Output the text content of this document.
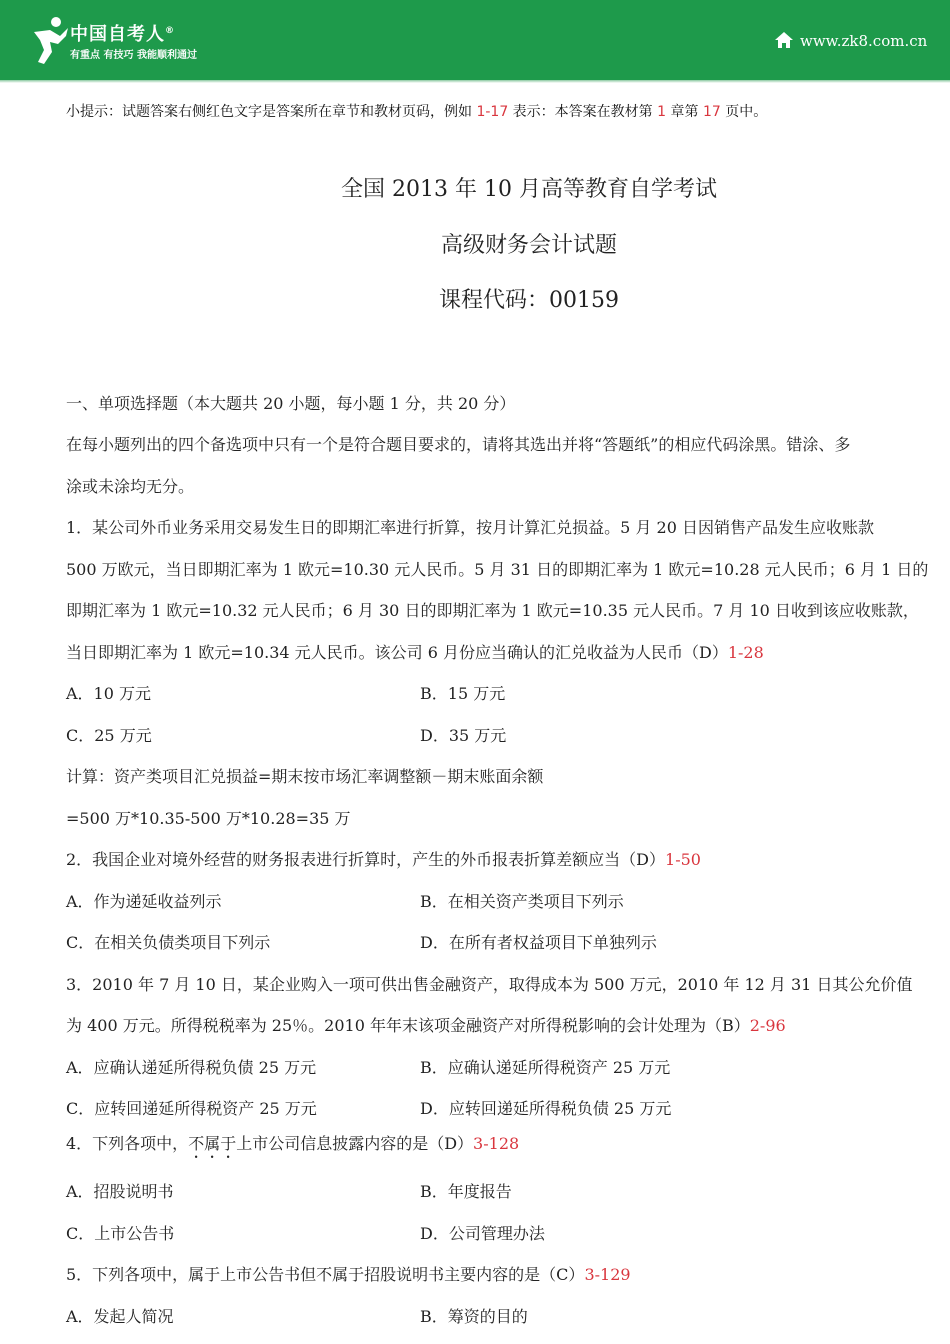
中国自考人®
有重点 有技巧 我能顺利通过
www.zk8.com.cn
小提示：试题答案右侧红色文字是答案所在章节和教材页码，例如 1-17 表示：本答案在教材第 1 章第 17 页中。
全国 2013 年 10 月高等教育自学考试
高级财务会计试题
课程代码：00159
一、单项选择题（本大题共 20 小题，每小题 1 分，共 20 分）
在每小题列出的四个备选项中只有一个是符合题目要求的，请将其选出并将“答题纸”的相应代码涂黑。错涂、多
涂或未涂均无分。
1．某公司外币业务采用交易发生日的即期汇率进行折算，按月计算汇兑损益。5 月 20 日因销售产品发生应收账款
500 万欧元，当日即期汇率为 1 欧元=10.30 元人民币。5 月 31 日的即期汇率为 1 欧元=10.28 元人民币；6 月 1 日的
即期汇率为 1 欧元=10.32 元人民币；6 月 30 日的即期汇率为 1 欧元=10.35 元人民币。7 月 10 日收到该应收账款，
当日即期汇率为 1 欧元=10.34 元人民币。该公司 6 月份应当确认的汇兑收益为人民币（D）1-28
A．10 万元	B．15 万元
C．25 万元	D．35 万元
计算：资产类项目汇兑损益=期末按市场汇率调整额－期末账面余额
=500 万*10.35-500 万*10.28=35 万
2．我国企业对境外经营的财务报表进行折算时，产生的外币报表折算差额应当（D）1-50
A．作为递延收益列示	B．在相关资产类项目下列示
C．在相关负债类项目下列示	D．在所有者权益项目下单独列示
3．2010 年 7 月 10 日，某企业购入一项可供出售金融资产，取得成本为 500 万元，2010 年 12 月 31 日其公允价值
为 400 万元。所得税税率为 25％。2010 年年末该项金融资产对所得税影响的会计处理为（B）2-96
A．应确认递延所得税负债 25 万元	B．应确认递延所得税资产 25 万元
C．应转回递延所得税资产 25 万元	D．应转回递延所得税负债 25 万元
4．下列各项中，不属于上市公司信息披露内容的是（D）3-128
A．招股说明书	B．年度报告
C．上市公告书	D．公司管理办法
5．下列各项中，属于上市公告书但不属于招股说明书主要内容的是（C）3-129
A．发起人简况	B．筹资的目的
